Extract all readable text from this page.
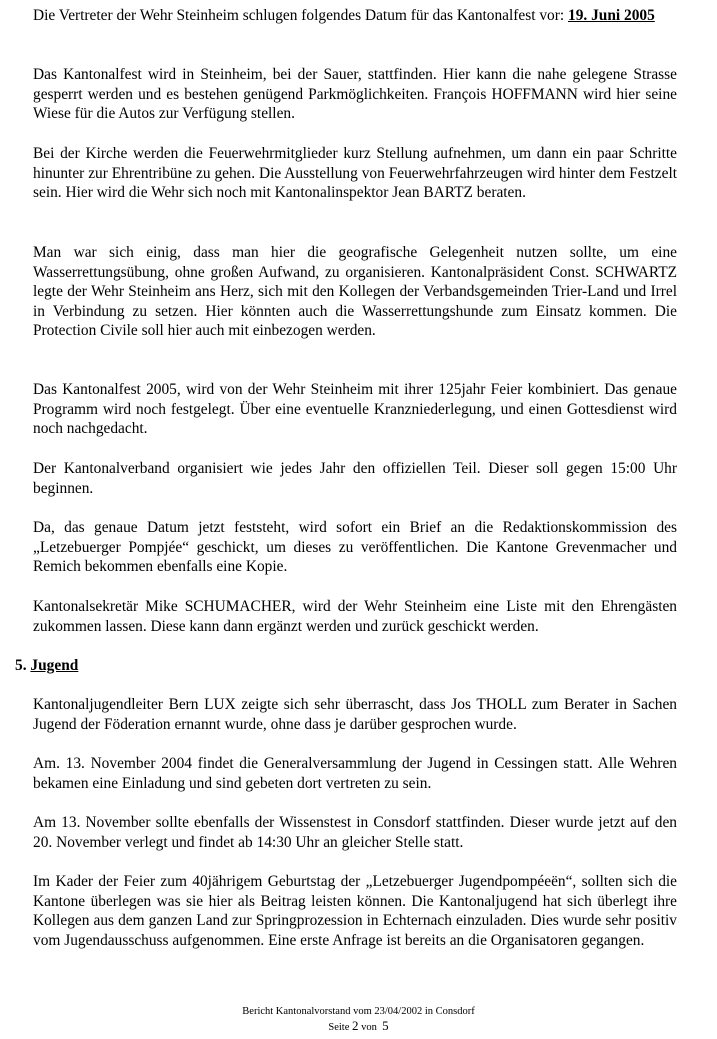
Die Vertreter der Wehr Steinheim schlugen folgendes Datum für das Kantonalfest vor: 19. Juni 2005

Das Kantonalfest wird in Steinheim, bei der Sauer, stattfinden. Hier kann die nahe gelegene Strasse gesperrt werden und es bestehen genügend Parkmöglichkeiten. François HOFFMANN wird hier seine Wiese für die Autos zur Verfügung stellen.

Bei der Kirche werden die Feuerwehrmitglieder kurz Stellung aufnehmen, um dann ein paar Schritte hinunter zur Ehrentribüne zu gehen. Die Ausstellung von Feuerwehrfahrzeugen wird hinter dem Festzelt sein. Hier wird die Wehr sich noch mit Kantonalinspektor Jean BARTZ beraten.

Man war sich einig, dass man hier die geografische Gelegenheit nutzen sollte, um eine Wasserrettungsübung, ohne großen Aufwand, zu organisieren. Kantonalpräsident Const. SCHWARTZ legte der Wehr Steinheim ans Herz, sich mit den Kollegen der Verbandsgemeinden Trier-Land und Irrel in Verbindung zu setzen. Hier könnten auch die Wasserrettungshunde zum Einsatz kommen. Die Protection Civile soll hier auch mit einbezogen werden.

Das Kantonalfest 2005, wird von der Wehr Steinheim mit ihrer 125jahr Feier kombiniert. Das genaue Programm wird noch festgelegt. Über eine eventuelle Kranzniederlegung, und einen Gottesdienst wird noch nachgedacht.

Der Kantonalverband organisiert wie jedes Jahr den offiziellen Teil. Dieser soll gegen 15:00 Uhr beginnen.

Da, das genaue Datum jetzt feststeht, wird sofort ein Brief an die Redaktionskommission des „Letzebuerger Pompjée“ geschickt, um dieses zu veröffentlichen. Die Kantone Grevenmacher und Remich bekommen ebenfalls eine Kopie.

Kantonalsekretär Mike SCHUMACHER, wird der Wehr Steinheim eine Liste mit den Ehrengästen zukommen lassen. Diese kann dann ergänzt werden und zurück geschickt werden.

5. Jugend

Kantonaljugendleiter Bern LUX zeigte sich sehr überrascht, dass Jos THOLL zum Berater in Sachen Jugend der Föderation ernannt wurde, ohne dass je darüber gesprochen wurde.

Am. 13. November 2004 findet die Generalversammlung der Jugend in Cessingen statt. Alle Wehren bekamen eine Einladung und sind gebeten dort vertreten zu sein.

Am 13. November sollte ebenfalls der Wissenstest in Consdorf stattfinden. Dieser wurde jetzt auf den 20. November verlegt und findet ab 14:30 Uhr an gleicher Stelle statt.

Im Kader der Feier zum 40jährigem Geburtstag der „Letzebuerger Jugendpompéeën“, sollten sich die Kantone überlegen was sie hier als Beitrag leisten können. Die Kantonaljugend hat sich überlegt ihre Kollegen aus dem ganzen Land zur Springprozession in Echternach einzuladen. Dies wurde sehr positiv vom Jugendausschuss aufgenommen. Eine erste Anfrage ist bereits an die Organisatoren gegangen.

Bericht Kantonalvorstand vom 23/04/2002 in Consdorf
Seite 2 von 5
